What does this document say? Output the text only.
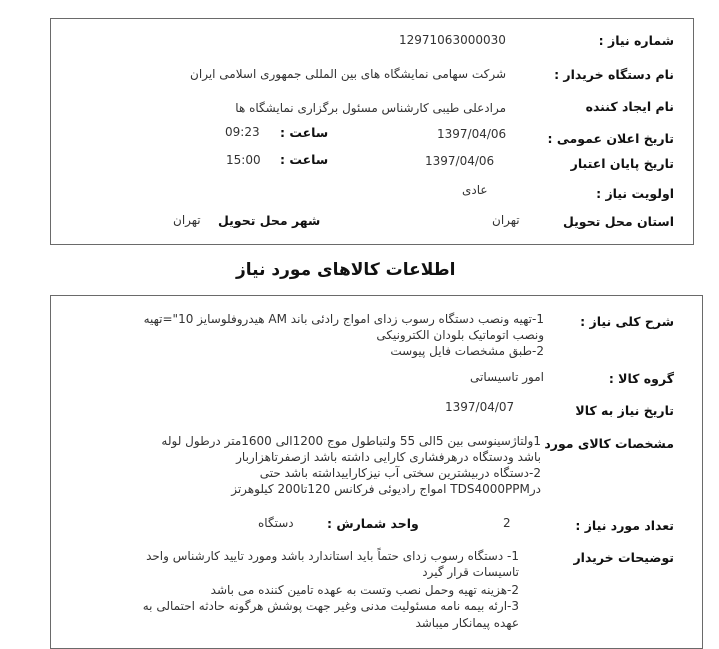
شماره نیاز :
12971063000030
نام دستگاه خریدار :
شرکت سهامی نمایشگاه های بین المللی جمهوری اسلامی ایران
نام ایجاد کننده
مرادعلی طیبی کارشناس مسئول برگزاری نمایشگاه ها
تاریخ اعلان عمومی :
1397/04/06
ساعت :
09:23
تاریخ پایان اعتبار
1397/04/06
ساعت :
15:00
اولویت نیاز :
عادی
استان محل تحویل
تهران
شهر محل تحویل
تهران
اطلاعات کالاهای مورد نیاز
شرح کلی نیاز :
1-تهیه ونصب دستگاه رسوب زدای امواج رادئی باند AM هیدروفلوسایز 10"=تهیه
ونصب اتوماتیک بلودان الکترونیکی
2-طبق مشخصات فایل پیوست
گروه کالا :
امور تاسیساتی
تاریخ نیاز به کالا
1397/04/07
مشخصات کالای مورد
1ولتاژسینوسی بین 5الی 55 ولتباطول موج 1200الی 1600متر درطول لوله
باشد ودستگاه درهرفشاری کارایی داشته باشد ازصفرتاهزاربار
2-دستگاه دربیشترین سختی آب نیزکاراییداشته باشد حتی
درTDS4000PPM امواج رادیوئی فرکانس 120تا200 کیلوهرتز
تعداد مورد نیاز :
2
واحد شمارش :
دستگاه
توضیحات خریدار
1- دستگاه رسوب زدای حتماً باید استاندارد باشد ومورد تایید کارشناس واحد
تاسیسات قرار گیرد
2-هزینه تهیه وحمل نصب وتست به عهده تامین کننده می باشد
3-ارئه بیمه نامه مسئولیت مدنی وغیر جهت پوشش هرگونه حادثه احتمالی به
عهده پیمانکار میباشد
